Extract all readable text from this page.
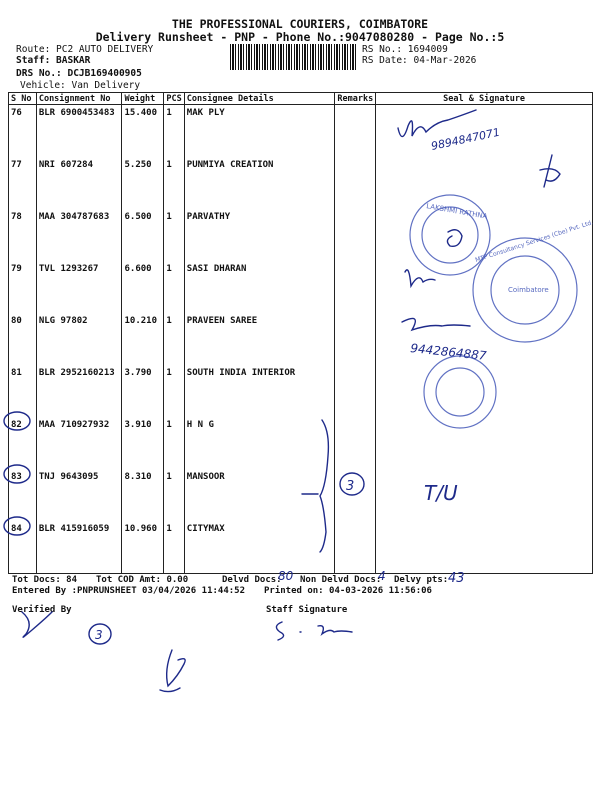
THE PROFESSIONAL COURIERS, COIMBATORE
Delivery Runsheet - PNP - Phone No.:9047080280 - Page No.:5
Route: PC2 AUTO DELIVERY
Staff: BASKAR
DRS No.: DCJB169400905
Vehicle: Van Delivery
RS No.: 1694009
RS Date: 04-Mar-2026
S No	Consignment No	Weight	PCS	Consignee Details	Remarks	Seal & Signature
76	BLR 6900453483	15.400	1	MAK PLY		
77	NRI 607284	5.250	1	PUNMIYA CREATION		
78	MAA 304787683	6.500	1	PARVATHY		
79	TVL 1293267	6.600	1	SASI DHARAN		
80	NLG 97802	10.210	1	PRAVEEN SAREE		
81	BLR 2952160213	3.790	1	SOUTH INDIA INTERIOR		
82	MAA 710927932	3.910	1	H N G		
83	TNJ 9643095	8.310	1	MANSOOR		
84	BLR 415916059	10.960	1	CITYMAX		
Tot Docs: 84 Tot COD Amt: 0.00	Delvd Docs: Non Delvd Docs: Delvy pts:
Entered By :PNPRUNSHEET 03/04/2026 11:44:52 Printed on: 04-03-2026 11:56:06
Verified By	Staff Signature
9894847071
9442864887
80	4	43
T/U
3
3
LAKSHMI RATHNA
MTP Consultancy Services (Cbe) Pvt. Ltd.
Coimbatore
